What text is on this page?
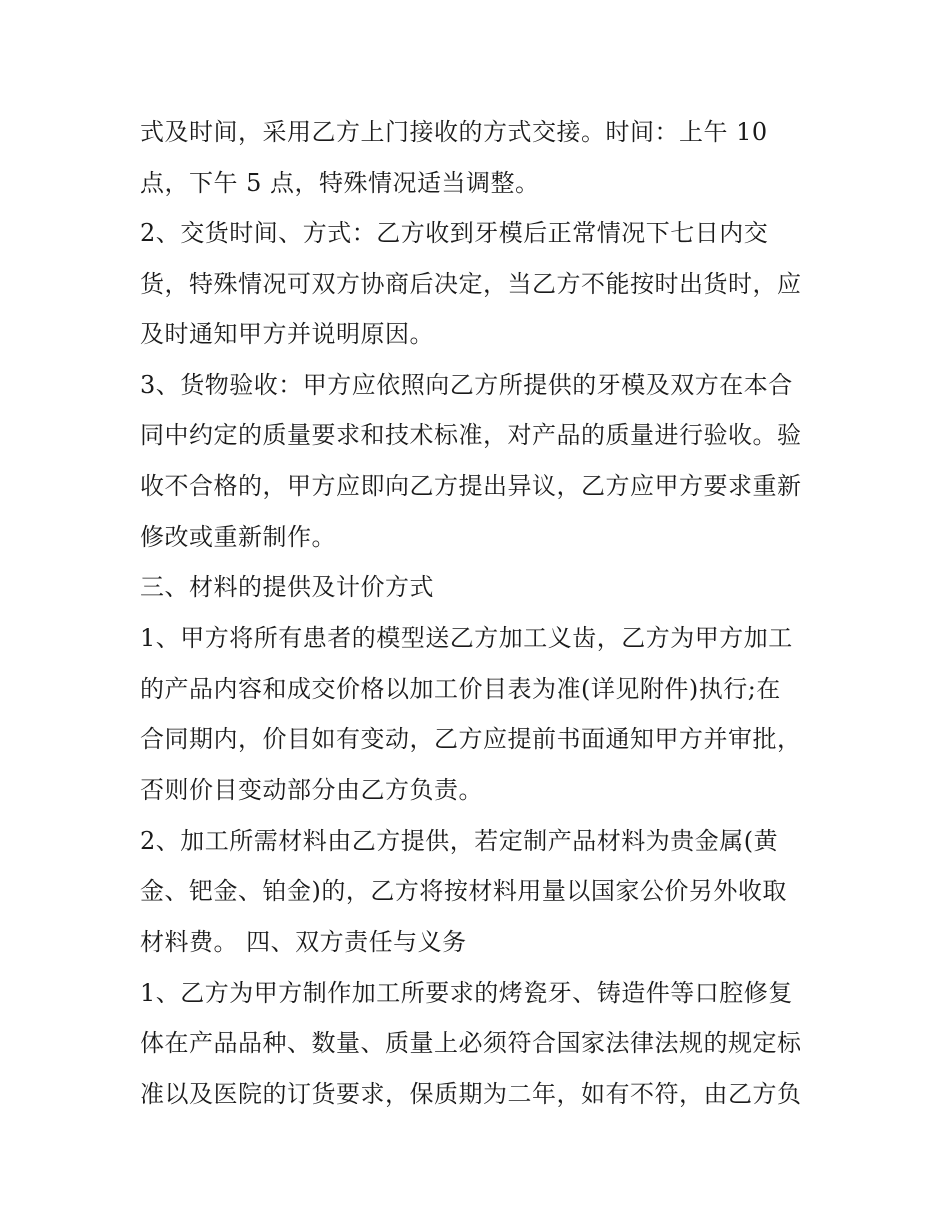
式及时间，采用乙方上门接收的方式交接。时间：上午 10
点，下午 5 点，特殊情况适当调整。
2、交货时间、方式：乙方收到牙模后正常情况下七日内交
货，特殊情况可双方协商后决定，当乙方不能按时出货时，应
及时通知甲方并说明原因。
3、货物验收：甲方应依照向乙方所提供的牙模及双方在本合
同中约定的质量要求和技术标准，对产品的质量进行验收。验
收不合格的，甲方应即向乙方提出异议，乙方应甲方要求重新
修改或重新制作。
三、材料的提供及计价方式
1、甲方将所有患者的模型送乙方加工义齿，乙方为甲方加工
的产品内容和成交价格以加工价目表为准(详见附件)执行;在
合同期内，价目如有变动，乙方应提前书面通知甲方并审批，
否则价目变动部分由乙方负责。
2、加工所需材料由乙方提供，若定制产品材料为贵金属(黄
金、钯金、铂金)的，乙方将按材料用量以国家公价另外收取
材料费。 四、双方责任与义务
1、乙方为甲方制作加工所要求的烤瓷牙、铸造件等口腔修复
体在产品品种、数量、质量上必须符合国家法律法规的规定标
准以及医院的订货要求，保质期为二年，如有不符，由乙方负
